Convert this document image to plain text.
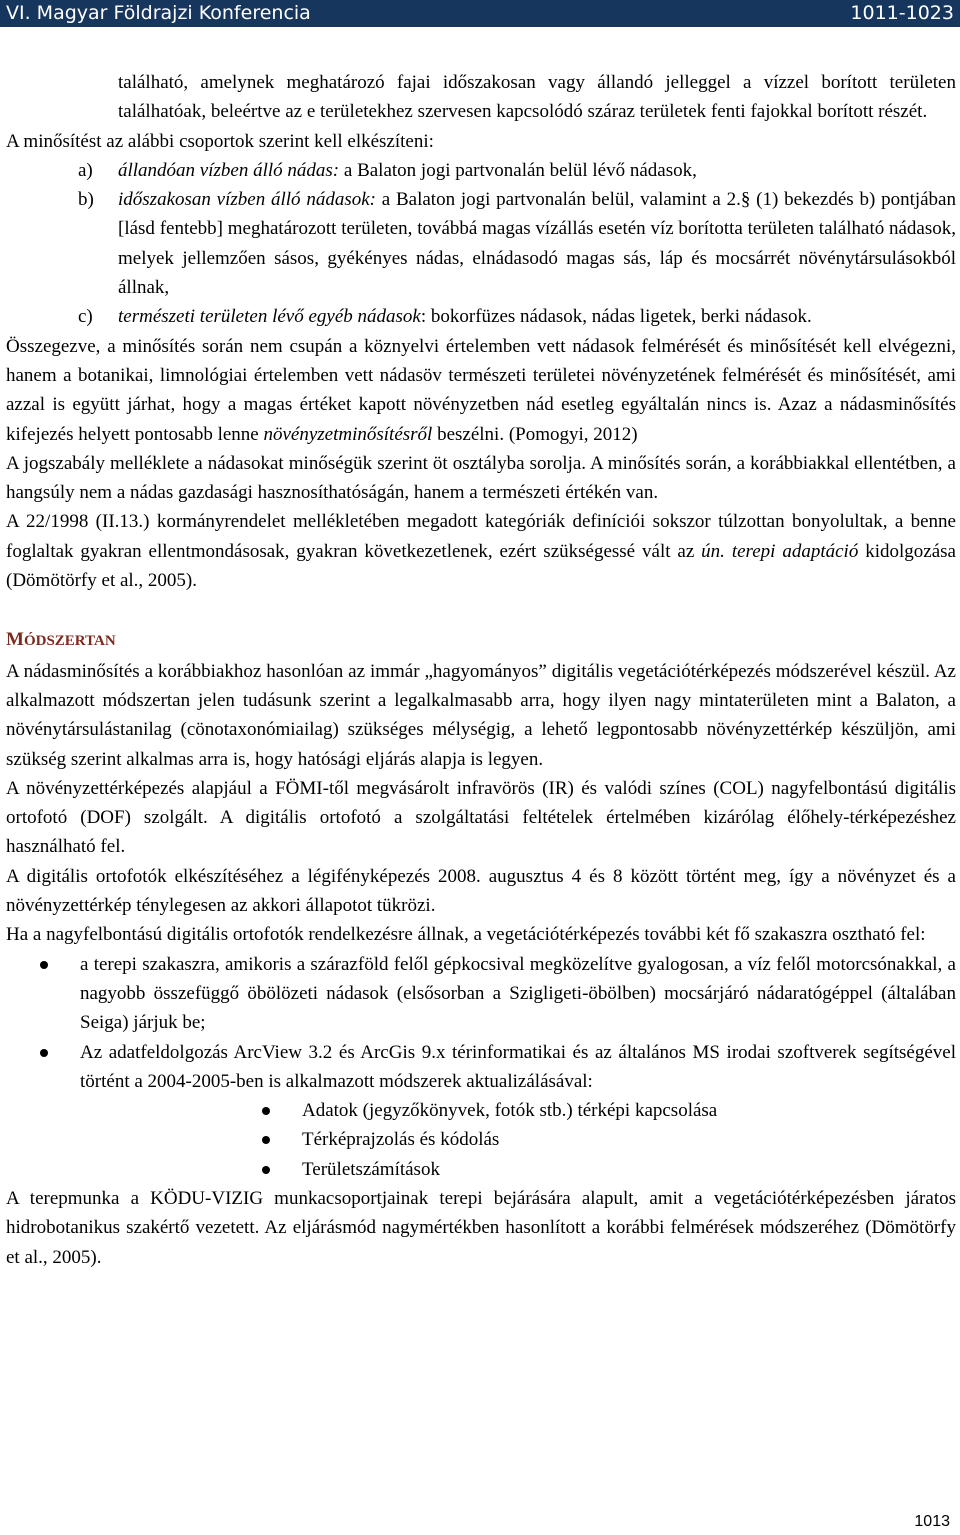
VI. Magyar Földrajzi Konferencia	1011-1023
található, amelynek meghatározó fajai időszakosan vagy állandó jelleggel a vízzel borított területen találhatóak, beleértve az e területekhez szervesen kapcsolódó száraz területek fenti fajokkal borított részét.
A minősítést az alábbi csoportok szerint kell elkészíteni:
a) állandóan vízben álló nádas: a Balaton jogi partvonalán belül lévő nádasok,
b) időszakosan vízben álló nádasok: a Balaton jogi partvonalán belül, valamint a 2.§ (1) bekezdés b) pontjában [lásd fentebb] meghatározott területen, továbbá magas vízállás esetén víz borította területen található nádasok, melyek jellemzően sásos, gyékényes nádas, elnádasodó magas sás, láp és mocsárrét növénytársulásokból állnak,
c) természeti területen lévő egyéb nádasok: bokorfüzes nádasok, nádas ligetek, berki nádasok.
Összegezve, a minősítés során nem csupán a köznyelvi értelemben vett nádasok felmérését és minősítését kell elvégezni, hanem a botanikai, limnológiai értelemben vett nádasöv természeti területei növényzetének felmérését és minősítését, ami azzal is együtt járhat, hogy a magas értéket kapott növényzetben nád esetleg egyáltalán nincs is. Azaz a nádasminősítés kifejezés helyett pontosabb lenne növényzetminősítésről beszélni. (Pomogyi, 2012)
A jogszabály melléklete a nádasokat minőségük szerint öt osztályba sorolja. A minősítés során, a korábbiakkal ellentétben, a hangsúly nem a nádas gazdasági hasznosíthatóságán, hanem a természeti értékén van.
A 22/1998 (II.13.) kormányrendelet mellékletében megadott kategóriák definíciói sokszor túlzottan bonyolultak, a benne foglaltak gyakran ellentmondásosak, gyakran következetlenek, ezért szükségessé vált az ún. terepi adaptáció kidolgozása (Dömötörfy et al., 2005).
MÓDSZERTAN
A nádasminősítés a korábbiakhoz hasonlóan az immár „hagyományos” digitális vegetációtérképezés módszerével készül. Az alkalmazott módszertan jelen tudásunk szerint a legalkalmasabb arra, hogy ilyen nagy mintaterületen mint a Balaton, a növénytársulástanilag (cönotaxonómiailag) szükséges mélységig, a lehető legpontosabb növényzettérkép készüljön, ami szükség szerint alkalmas arra is, hogy hatósági eljárás alapja is legyen.
A növényzettérképezés alapjául a FÖMI-től megvásárolt infravörös (IR) és valódi színes (COL) nagyfelbontású digitális ortofotó (DOF) szolgált. A digitális ortofotó a szolgáltatási feltételek értelmében kizárólag élőhely-térképezéshez használható fel.
A digitális ortofotók elkészítéséhez a légifényképezés 2008. augusztus 4 és 8 között történt meg, így a növényzet és a növényzettérkép ténylegesen az akkori állapotot tükrözi.
Ha a nagyfelbontású digitális ortofotók rendelkezésre állnak, a vegetációtérképezés további két fő szakaszra osztható fel:
a terepi szakaszra, amikoris a szárazföld felől gépkocsival megközelítve gyalogosan, a víz felől motorcsónakkal, a nagyobb összefüggő öbölözeti nádasok (elsősorban a Szigligeti-öbölben) mocsárjáró nádaratógéppel (általában Seiga) járjuk be;
Az adatfeldolgozás ArcView 3.2 és ArcGis 9.x térinformatikai és az általános MS irodai szoftverek segítségével történt a 2004-2005-ben is alkalmazott módszerek aktualizálásával:
Adatok (jegyzőkönyvek, fotók stb.) térképi kapcsolása
Térképrajzolás és kódolás
Területszámítások
A terepmunka a KÖDU-VIZIG munkacsoportjainak terepi bejárására alapult, amit a vegetációtérképezésben járatos hidrobotanikus szakértő vezetett. Az eljárásmód nagymértékben hasonlított a korábbi felmérések módszeréhez (Dömötörfy et al., 2005).
1013
